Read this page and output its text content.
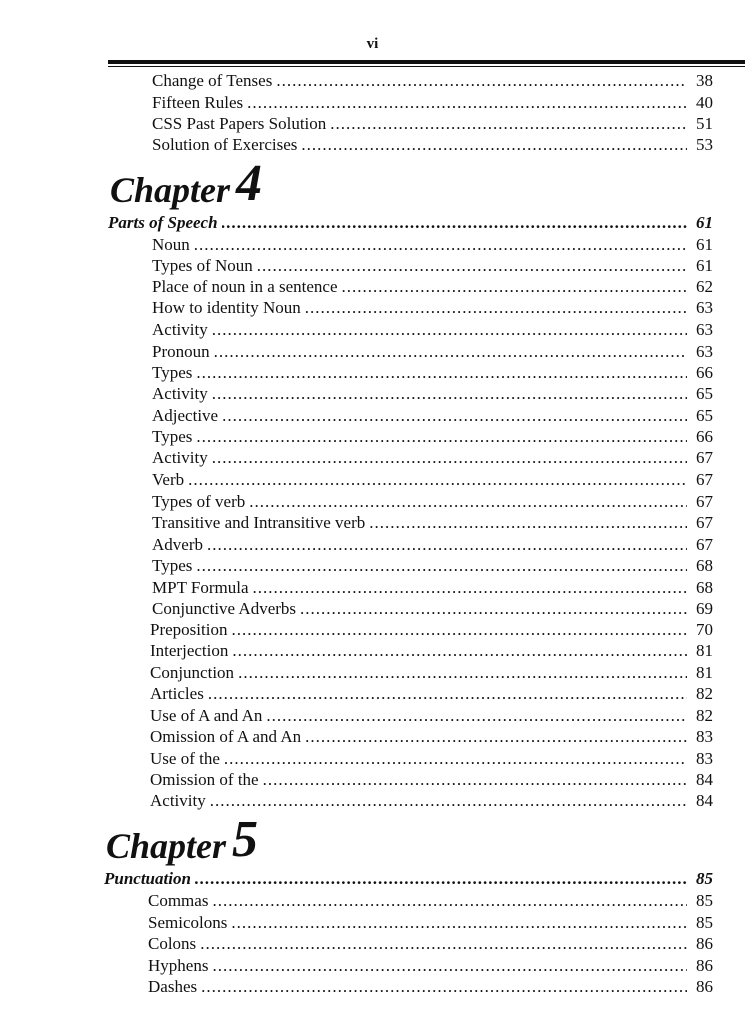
vi
Change of Tenses .....	38
Fifteen Rules .....	40
CSS Past Papers Solution .....	51
Solution of Exercises .....	53
Chapter 4
Parts of Speech .....	61
Noun .....	61
Types of Noun .....	61
Place of noun in a sentence .....	62
How to identity Noun .....	63
Activity .....	63
Pronoun .....	63
Types .....	66
Activity .....	65
Adjective .....	65
Types .....	66
Activity .....	67
Verb .....	67
Types of verb .....	67
Transitive and Intransitive verb .....	67
Adverb .....	67
Types .....	68
MPT Formula .....	68
Conjunctive Adverbs .....	69
Preposition .....	70
Interjection .....	81
Conjunction .....	81
Articles .....	82
Use of A and An .....	82
Omission of A and An .....	83
Use of the .....	83
Omission of the .....	84
Activity .....	84
Chapter 5
Punctuation .....	85
Commas .....	85
Semicolons .....	85
Colons .....	86
Hyphens .....	86
Dashes .....	86
